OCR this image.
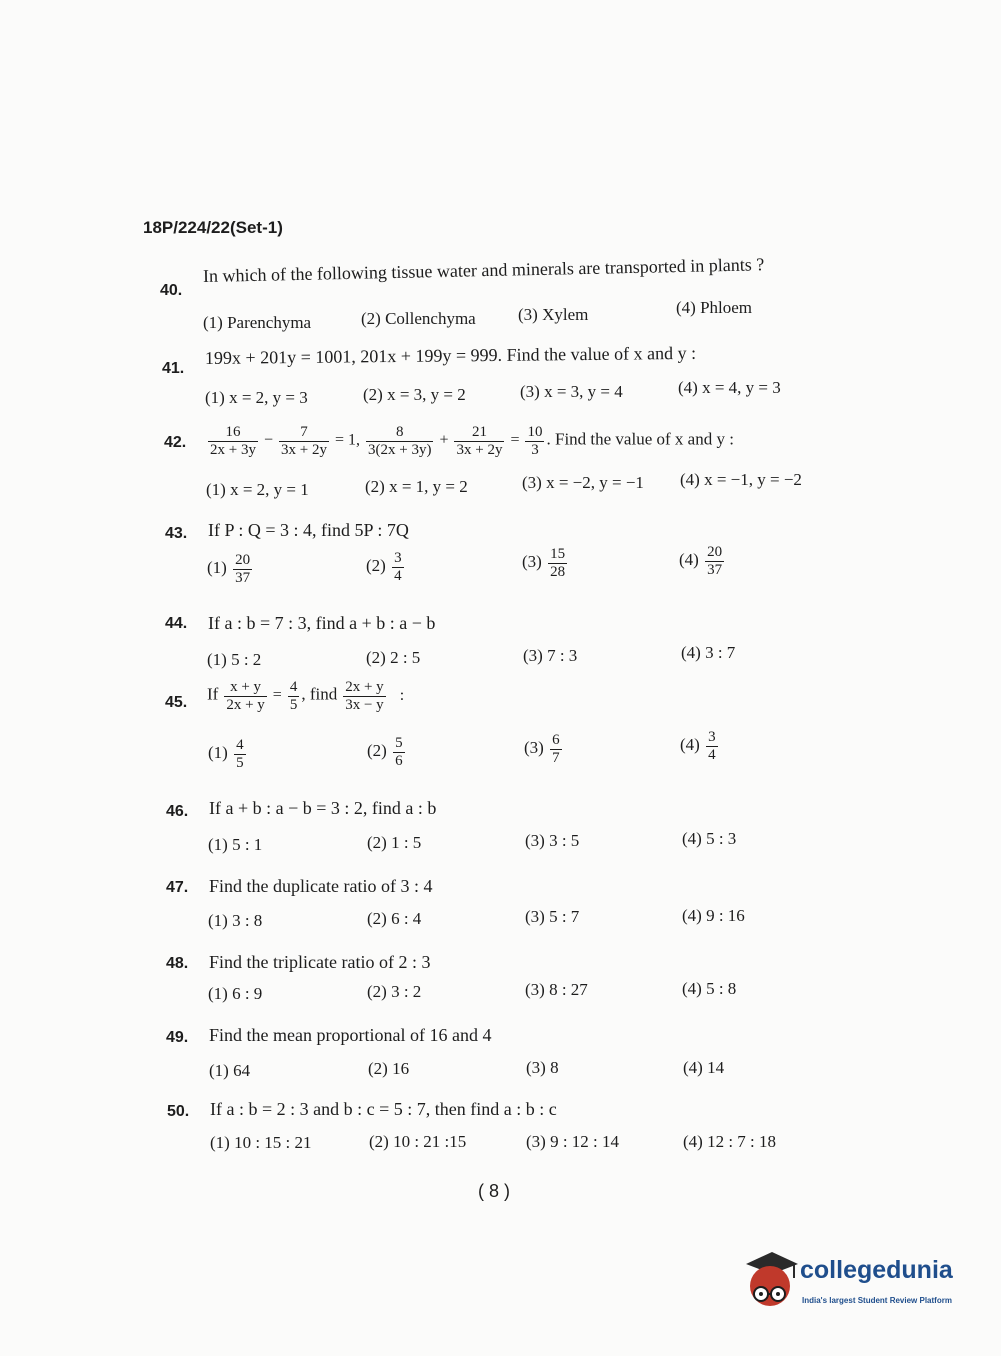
18P/224/22(Set-1)
40.
In which of the following tissue water and minerals are transported in plants ?
(1) Parenchyma	(2) Collenchyma (3) Xylem	(4) Phloem
41.
199x + 201y = 1001, 201x + 199y = 999. Find the value of x and y :
(1) x = 2, y = 3	(2) x = 3, y = 2	(3) x = 3, y = 4	(4) x = 4, y = 3
42. $\frac{16}{2x + 3y} - \frac{7}{3x + 2y} = 1$, $\frac{8}{3(2x + 3y)} + \frac{21}{3x + 2y} = \frac{10}{3}$ . Find the value of x and y :
(1) x = 2, y = 1	(2) x = 1, y = 2	(3) x = −2, y = −1 (4) x = −1, y = −2
43. If P : Q = 3 : 4, find 5P : 7Q
$(1) \frac{20}{37}$	$(2) \frac{3}{4}$	$(3) \frac{15}{28}$	$(4) \frac{20}{37}$
44. If a : b = 7 : 3, find a + b : a − b
(1) 5 : 2	(2) 2 : 5	(3) 7 : 3	(4) 3 : 7
45. If $\frac{x + y}{2x + y} = \frac{4}{5}$ , find $\frac{2x + y}{3x - y}$ :
$(1) \frac{4}{5}$	$(2) \frac{5}{6}$	$(3) \frac{6}{7}$	$(4) \frac{3}{4}$
46. If a + b : a − b = 3 : 2, find a : b
(1) 5 : 1	(2) 1 : 5	(3) 3 : 5	(4) 5 : 3
47. Find the duplicate ratio of 3 : 4
(1) 3 : 8	(2) 6 : 4	(3) 5 : 7	(4) 9 : 16
48. Find the triplicate ratio of 2 : 3
(1) 6 : 9	(2) 3 : 2	(3) 8 : 27	(4) 5 : 8
49. Find the mean proportional of 16 and 4
(1) 64	(2) 16	(3) 8	(4) 14
50. If a : b = 2 : 3 and b : c = 5 : 7, then find a : b : c
(1) 10 : 15 : 21	(2) 10 : 21 :15	(3) 9 : 12 : 14	(4) 12 : 7 : 18
( 8 )
collegedunia
India's largest Student Review Platform
